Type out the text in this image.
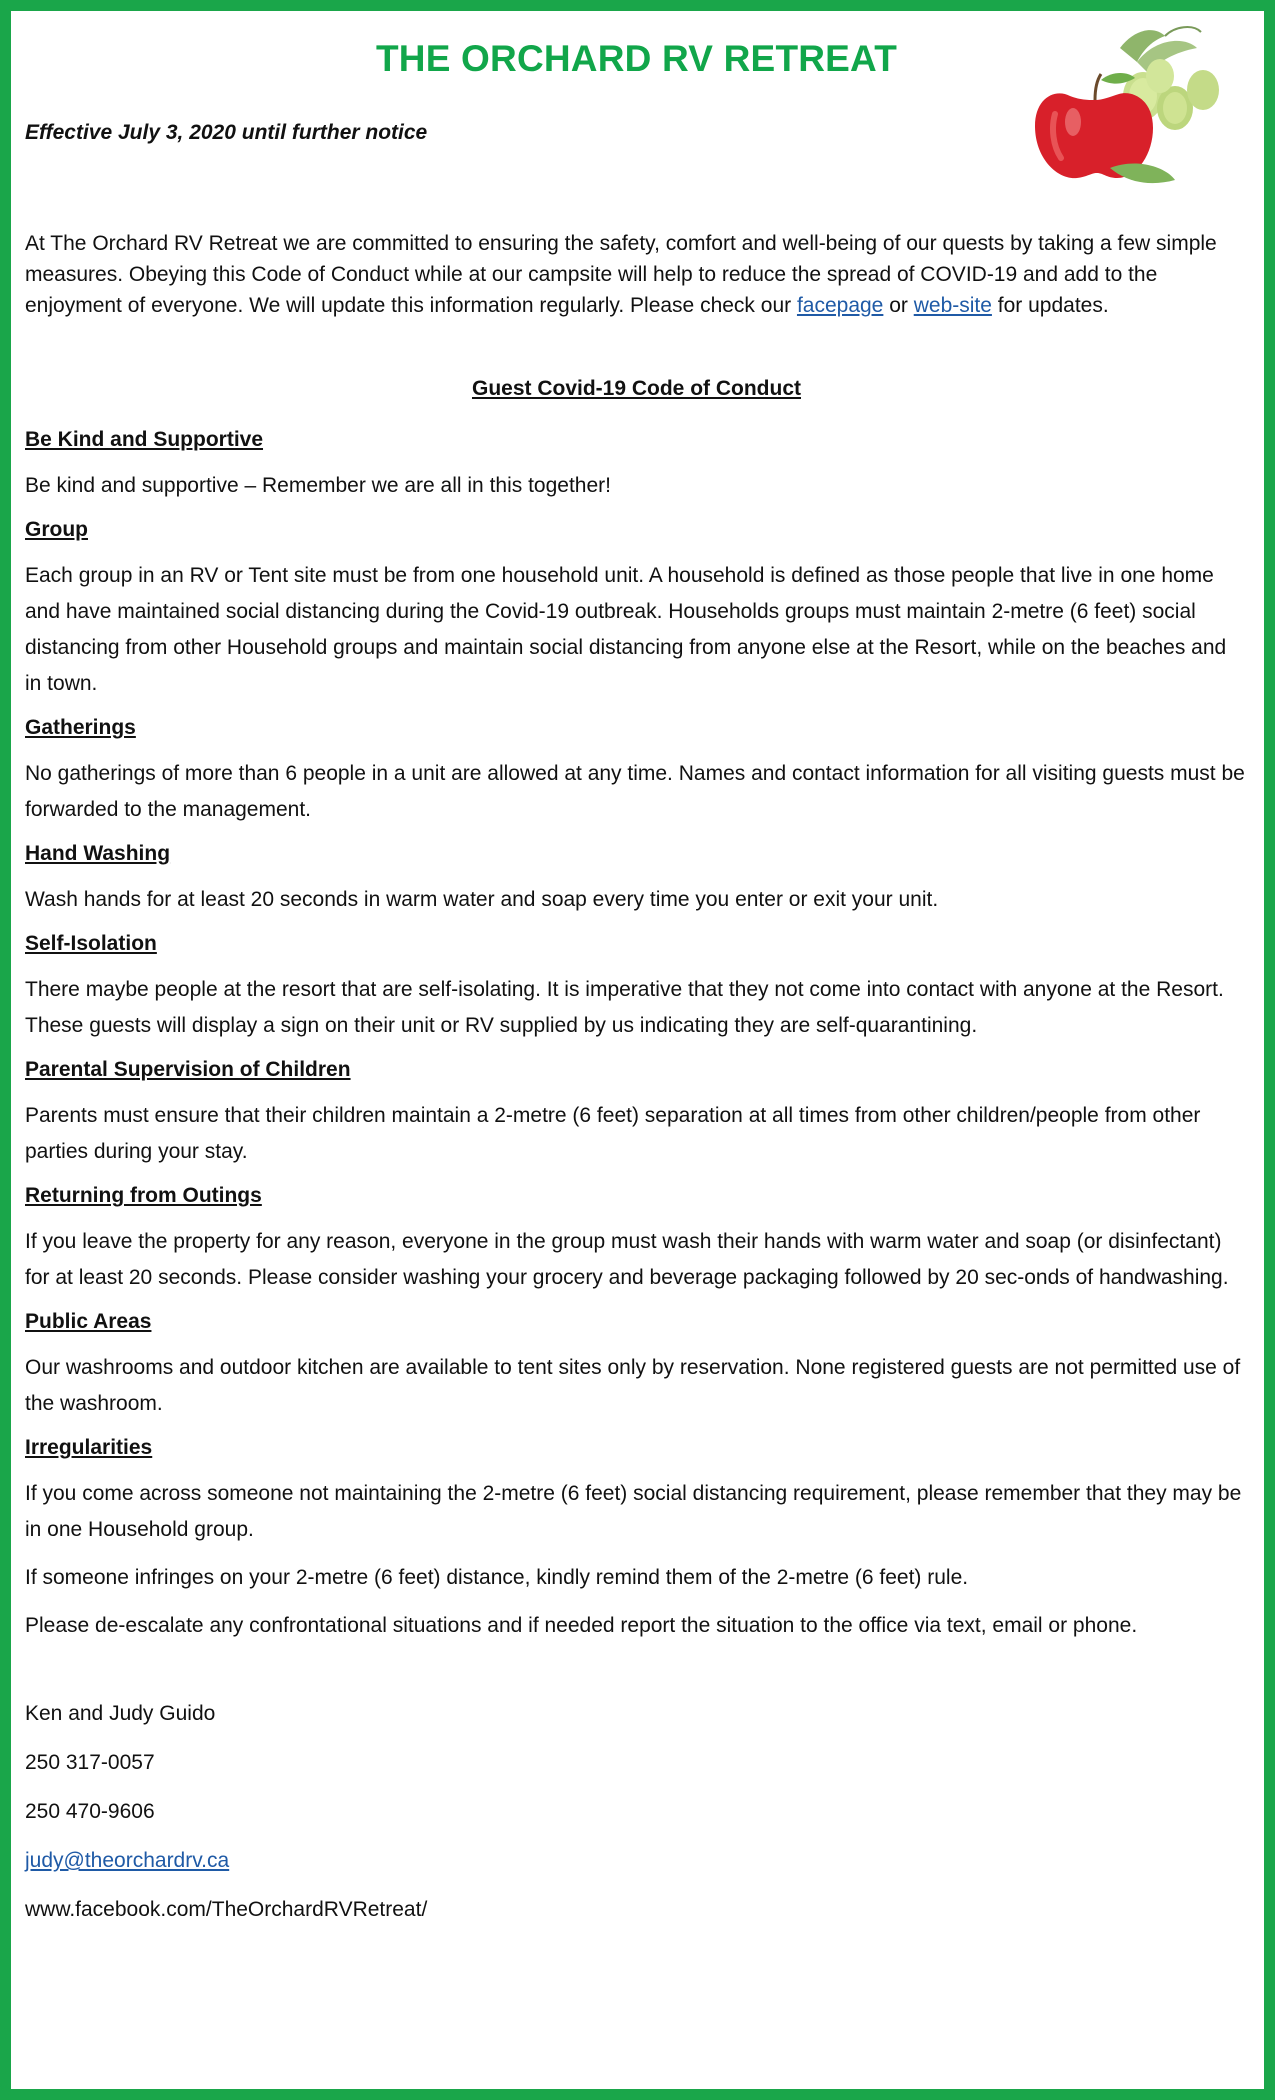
THE ORCHARD RV RETREAT

Effective July 3, 2020 until further notice

At The Orchard RV Retreat we are committed to ensuring the safety, comfort and well-being of our quests by taking a few simple measures. Obeying this Code of Conduct while at our campsite will help to reduce the spread of COVID-19 and add to the enjoyment of everyone. We will update this information regularly. Please check our facepage or web-site for updates.

Guest Covid-19 Code of Conduct

Be Kind and Supportive

Be kind and supportive – Remember we are all in this together!

Group

Each group in an RV or Tent site must be from one household unit. A household is defined as those people that live in one home and have maintained social distancing during the Covid-19 outbreak. Households groups must maintain 2-metre (6 feet) social distancing from other Household groups and maintain social distancing from anyone else at the Resort, while on the beaches and in town.

Gatherings

No gatherings of more than 6 people in a unit are allowed at any time. Names and contact information for all visiting guests must be forwarded to the management.

Hand Washing

Wash hands for at least 20 seconds in warm water and soap every time you enter or exit your unit.

Self-Isolation

There maybe people at the resort that are self-isolating. It is imperative that they not come into contact with anyone at the Resort. These guests will display a sign on their unit or RV supplied by us indicating they are self-quarantining.

Parental Supervision of Children

Parents must ensure that their children maintain a 2-metre (6 feet) separation at all times from other children/people from other parties during your stay.

Returning from Outings

If you leave the property for any reason, everyone in the group must wash their hands with warm water and soap (or disinfectant) for at least 20 seconds. Please consider washing your grocery and beverage packaging followed by 20 sec-onds of handwashing.

Public Areas

Our washrooms and outdoor kitchen are available to tent sites only by reservation. None registered guests are not permitted use of the washroom.

Irregularities

If you come across someone not maintaining the 2-metre (6 feet) social distancing requirement, please remember that they may be in one Household group.

If someone infringes on your 2-metre (6 feet) distance, kindly remind them of the 2-metre (6 feet) rule.

Please de-escalate any confrontational situations and if needed report the situation to the office via text, email or phone.

Ken and Judy Guido

250 317-0057

250 470-9606

judy@theorchardrv.ca

www.facebook.com/TheOrchardRVRetreat/
